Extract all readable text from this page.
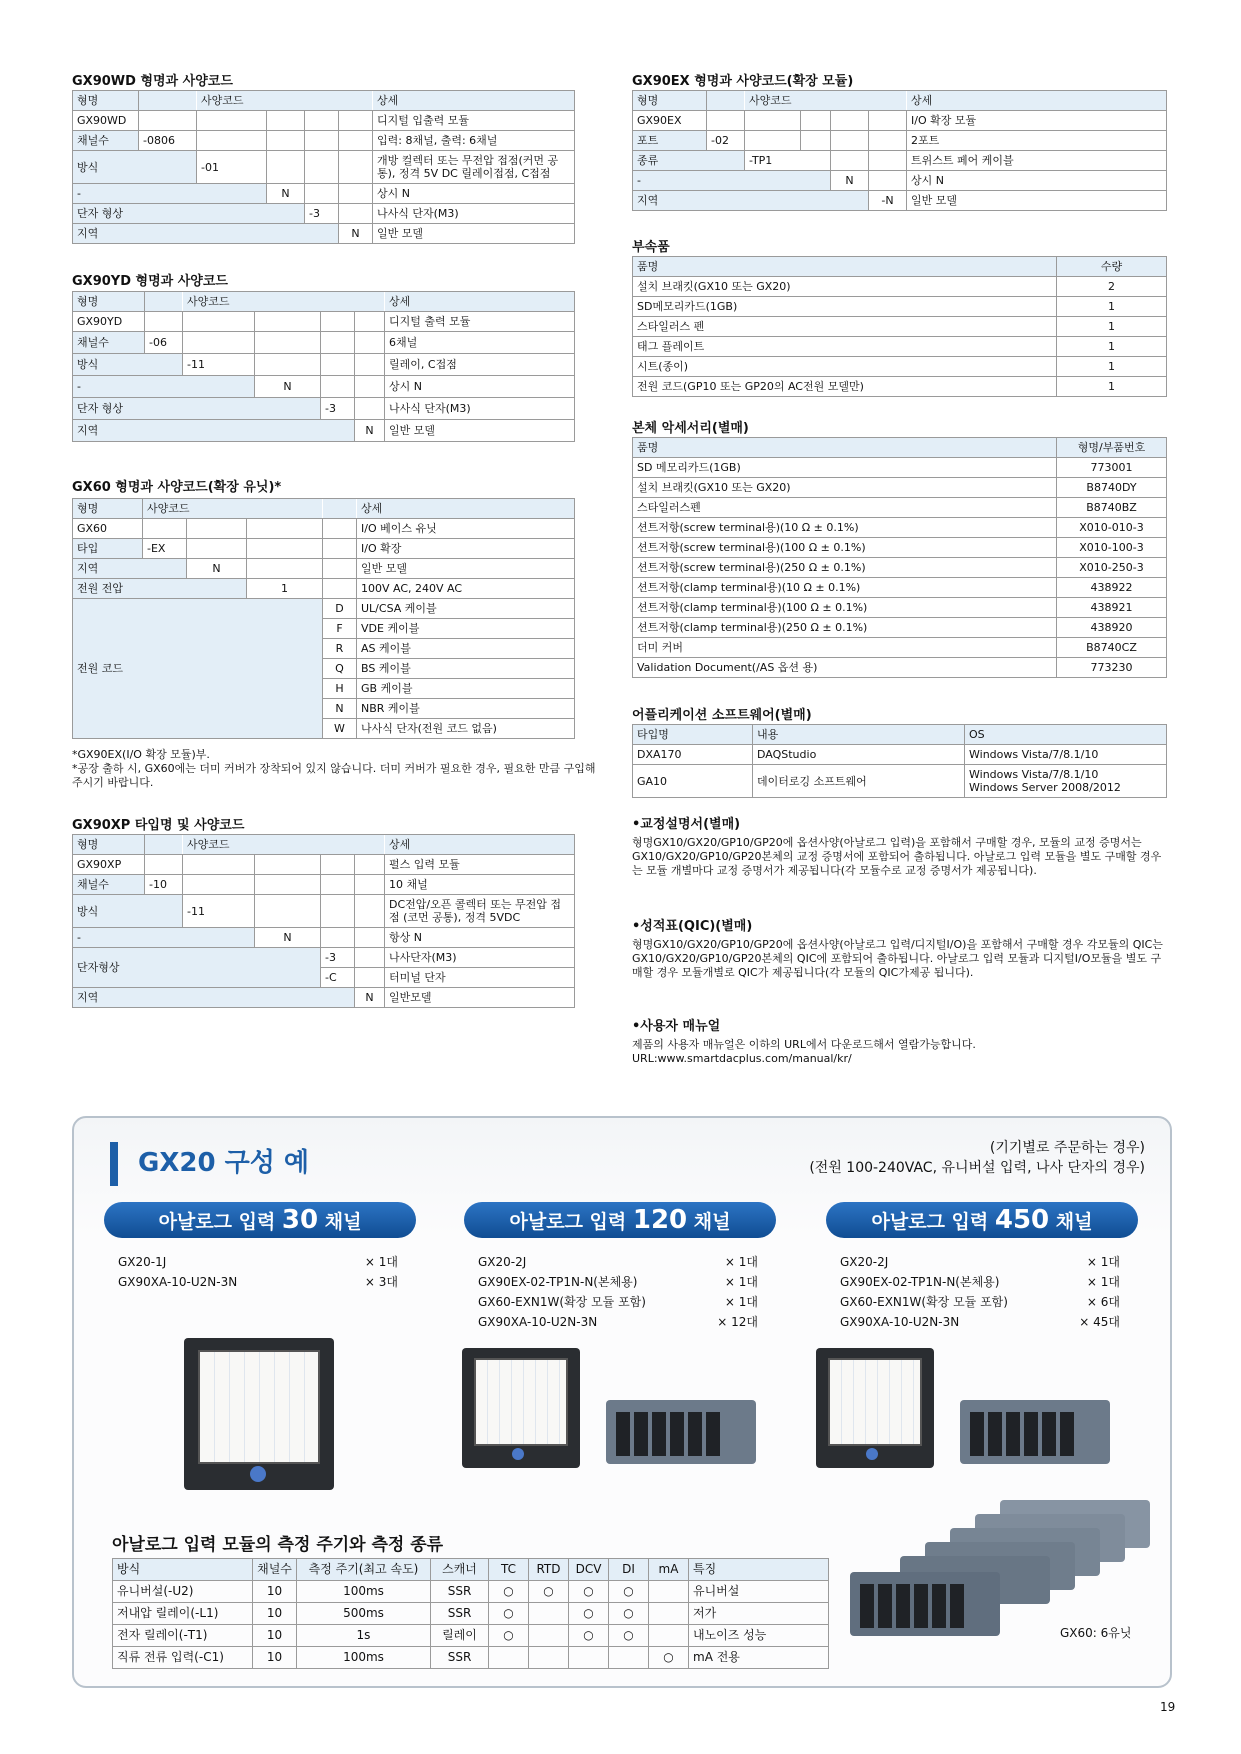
GX90WD 형명과 사양코드
형명		사양코드				상세
GX90WD						디지털 입출력 모듈
채널수	-0806					입력: 8채널, 출력: 6채널
방식		-01				개방 컬렉터 또는 무전압 접점(커먼 공통), 정격 5V DC 릴레이접점, C접점
-			N			상시 N
단자 형상				-3		나사식 단자(M3)
지역					N	일반 모델
GX90YD 형명과 사양코드
형명		사양코드				상세
GX90YD						디지털 출력 모듈
채널수	-06					6채널
방식		-11				릴레이, C접점
-			N			상시 N
단자 형상				-3		나사식 단자(M3)
지역					N	일반 모델
GX60 형명과 사양코드(확장 유닛)*
형명	사양코드				상세
GX60					I/O 베이스 유닛
타입	-EX				I/O 확장
지역		N			일반 모델
전원 전압			1		100V AC, 240V AC
전원 코드				D	UL/CSA 케이블
				F	VDE 케이블
				R	AS 케이블
				Q	BS 케이블
				H	GB 케이블
				N	NBR 케이블
				W	나사식 단자(전원 코드 없음)
*GX90EX(I/O 확장 모듈)부.
*공장 출하 시, GX60에는 더미 커버가 장착되어 있지 않습니다. 더미 커버가 필요한 경우, 필요한 만큼 구입해 주시기 바랍니다.
GX90XP 타입명 및 사양코드
형명		사양코드				상세
GX90XP						펄스 입력 모듈
채널수	-10					10 채널
방식		-11				DC전압/오픈 콜렉터 또는 무전압 접점 (코먼 공통), 정격 5VDC
-			N			항상 N
단자형상				-3		나사단자(M3)
				-C		터미널 단자
지역					N	일반모델
GX90EX 형명과 사양코드(확장 모듈)
형명		사양코드				상세
GX90EX						I/O 확장 모듈
포트	-02					2포트
종류		-TP1				트위스트 페어 케이블
-				N		상시 N
지역					-N	일반 모델
부속품
품명	수량
설치 브래킷(GX10 또는 GX20)	2
SD메모리카드(1GB)	1
스타일러스 펜	1
태그 플레이트	1
시트(종이)	1
전원 코드(GP10 또는 GP20의 AC전원 모델만)	1
본체 악세서리(별매)
품명	형명/부품번호
SD 메모리카드(1GB)	773001
설치 브래킷(GX10 또는 GX20)	B8740DY
스타일러스펜	B8740BZ
션트저항(screw terminal용)(10 Ω ± 0.1%)	X010-010-3
션트저항(screw terminal용)(100 Ω ± 0.1%)	X010-100-3
션트저항(screw terminal용)(250 Ω ± 0.1%)	X010-250-3
션트저항(clamp terminal용)(10 Ω ± 0.1%)	438922
션트저항(clamp terminal용)(100 Ω ± 0.1%)	438921
션트저항(clamp terminal용)(250 Ω ± 0.1%)	438920
더미 커버	B8740CZ
Validation Document(/AS 옵션 용)	773230
어플리케이션 소프트웨어(별매)
타입명	내용	OS
DXA170	DAQStudio	Windows Vista/7/8.1/10
GA10	데이터로깅 소프트웨어	Windows Vista/7/8.1/10
Windows Server 2008/2012
•교정설명서(별매)
형명GX10/GX20/GP10/GP20에 옵션사양(아날로그 입력)을 포함해서 구매할 경우, 모듈의 교정 증명서는 GX10/GX20/GP10/GP20본체의 교정 증명서에 포함되어 출하됩니다. 아날로그 입력 모듈을 별도 구매할 경우는 모듈 개별마다 교정 증명서가 제공됩니다(각 모듈수로 교정 증명서가 제공됩니다).
•성적표(QIC)(별매)
형명GX10/GX20/GP10/GP20에 옵션사양(아날로그 입력/디지털I/O)을 포함해서 구매할 경우 각모듈의 QIC는 GX10/GX20/GP10/GP20본체의 QIC에 포함되어 출하됩니다. 아날로그 입력 모듈과 디지털I/O모듈을 별도 구매할 경우 모듈개별로 QIC가 제공됩니다(각 모듈의 QIC가제공 됩니다).
•사용자 매뉴얼
제품의 사용자 매뉴얼은 이하의 URL에서 다운로드해서 열람가능합니다.
URL:www.smartdacplus.com/manual/kr/
GX20 구성 예	(기기별로 주문하는 경우)
(전원 100-240VAC, 유니버설 입력, 나사 단자의 경우)
아날로그 입력 30 채널	아날로그 입력 120 채널	아날로그 입력 450 채널
GX20-1J	× 1대
GX90XA-10-U2N-3N	× 3대
GX20-2J	× 1대
GX90EX-02-TP1N-N(본체용)	× 1대
GX60-EXN1W(확장 모듈 포함)	× 1대
GX90XA-10-U2N-3N	× 12대
GX20-2J	× 1대
GX90EX-02-TP1N-N(본체용)	× 1대
GX60-EXN1W(확장 모듈 포함)	× 6대
GX90XA-10-U2N-3N	× 45대
GX60: 6유닛
아날로그 입력 모듈의 측정 주기와 측정 종류
방식	채널수	측정 주기(최고 속도)	스캐너	TC	RTD	DCV	DI	mA	특징
유니버설(-U2)	10	100ms	SSR	○	○	○	○		유니버설
저내압 릴레이(-L1)	10	500ms	SSR	○		○	○		저가
전자 릴레이(-T1)	10	1s	릴레이	○		○	○		내노이즈 성능
직류 전류 입력(-C1)	10	100ms	SSR					○	mA 전용
19
